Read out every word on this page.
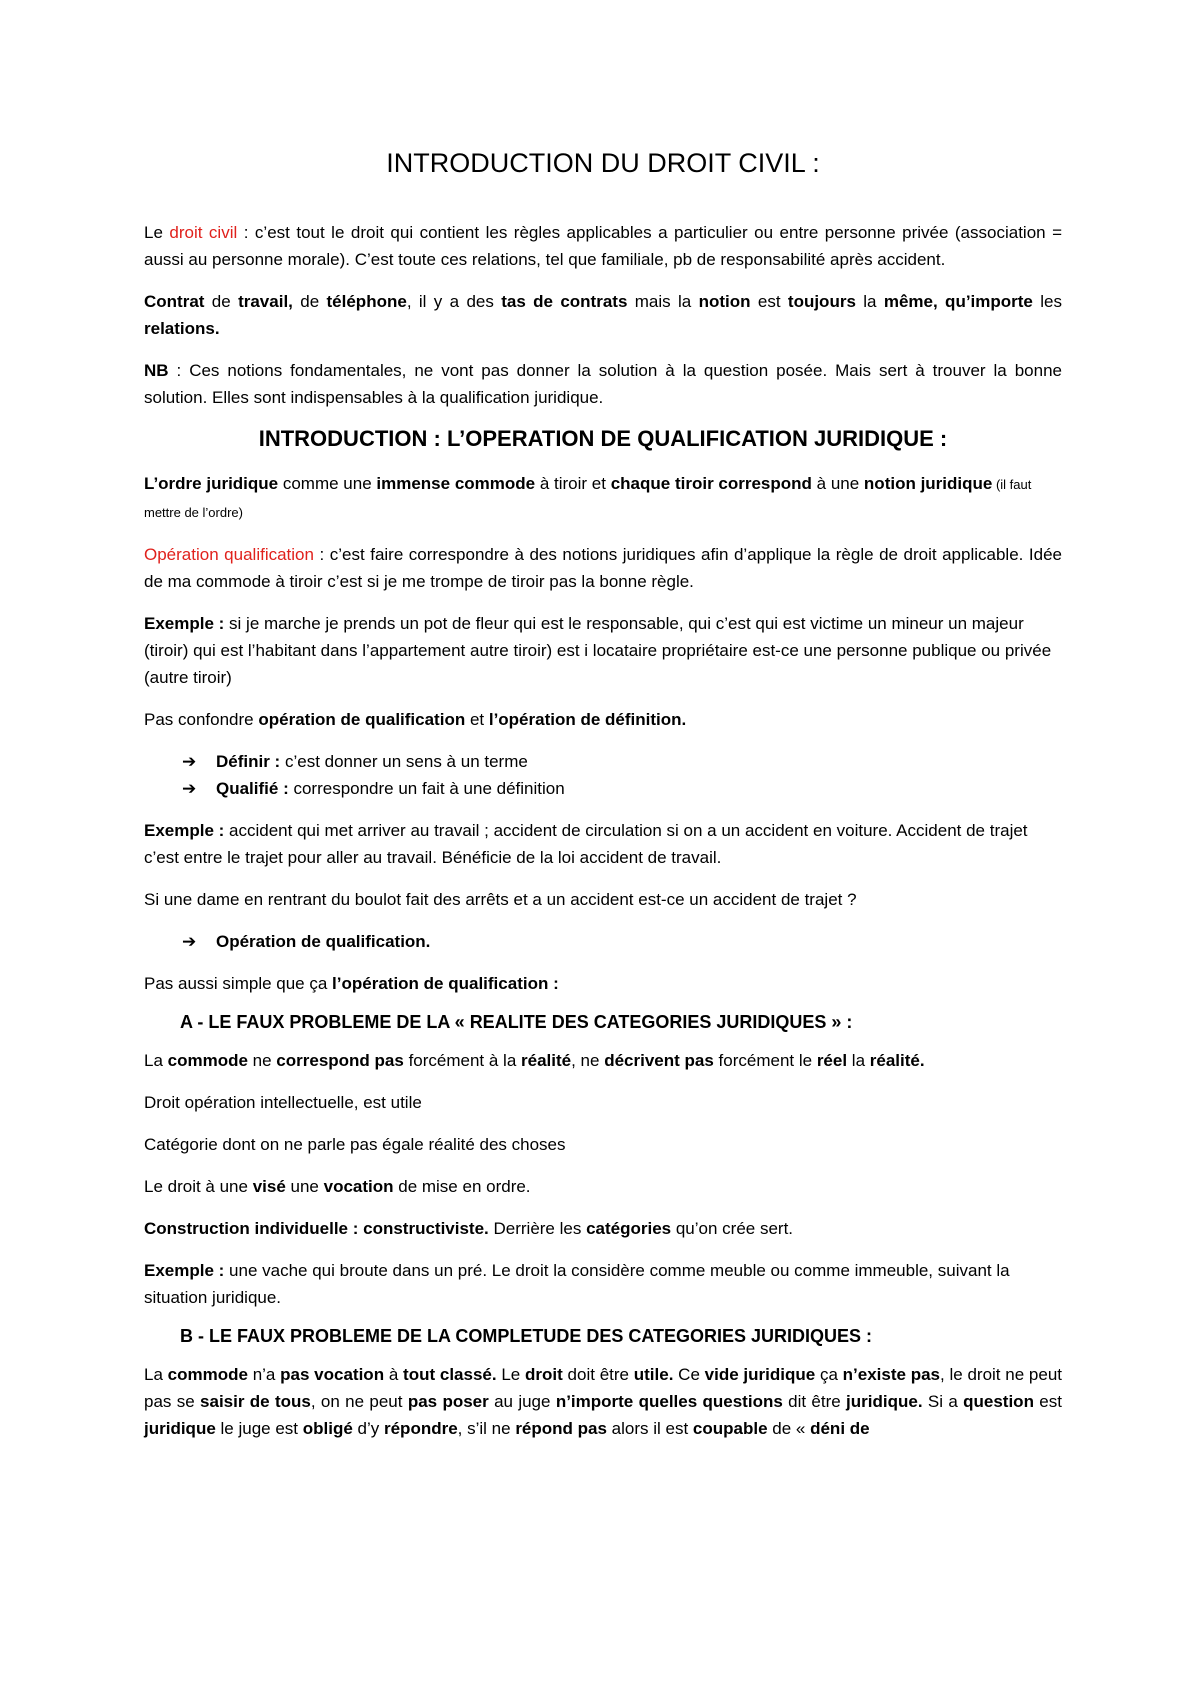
INTRODUCTION DU DROIT CIVIL :

Le droit civil : c’est tout le droit qui contient les règles applicables a particulier ou entre personne privée (association = aussi au personne morale). C’est toute ces relations, tel que familiale, pb de responsabilité après accident.

Contrat de travail, de téléphone, il y a des tas de contrats mais la notion est toujours la même, qu’importe les relations.

NB : Ces notions fondamentales, ne vont pas donner la solution à la question posée. Mais sert à trouver la bonne solution. Elles sont indispensables à la qualification juridique.

INTRODUCTION : L’OPERATION DE QUALIFICATION JURIDIQUE :

L’ordre juridique comme une immense commode à tiroir et chaque tiroir correspond à une notion juridique (il faut mettre de l’ordre)

Opération qualification : c’est faire correspondre à des notions juridiques afin d’applique la règle de droit applicable. Idée de ma commode à tiroir c’est si je me trompe de tiroir pas la bonne règle.

Exemple : si je marche je prends un pot de fleur qui est le responsable, qui c’est qui est victime un mineur un majeur (tiroir) qui est l’habitant dans l’appartement autre tiroir) est i locataire propriétaire est-ce une personne publique ou privée (autre tiroir)

Pas confondre opération de qualification et l’opération de définition.

➔ Définir : c’est donner un sens à un terme
➔ Qualifié : correspondre un fait à une définition

Exemple : accident qui met arriver au travail ; accident de circulation si on a un accident en voiture. Accident de trajet c’est entre le trajet pour aller au travail. Bénéficie de la loi accident de travail.

Si une dame en rentrant du boulot fait des arrêts et a un accident est-ce un accident de trajet ?

➔ Opération de qualification.

Pas aussi simple que ça l’opération de qualification :

A - LE FAUX PROBLEME DE LA « REALITE DES CATEGORIES JURIDIQUES » :

La commode ne correspond pas forcément à la réalité, ne décrivent pas forcément le réel la réalité.

Droit opération intellectuelle, est utile

Catégorie dont on ne parle pas égale réalité des choses

Le droit à une visé une vocation de mise en ordre.

Construction individuelle : constructiviste. Derrière les catégories qu’on crée sert.

Exemple : une vache qui broute dans un pré. Le droit la considère comme meuble ou comme immeuble, suivant la situation juridique.

B - LE FAUX PROBLEME DE LA COMPLETUDE DES CATEGORIES JURIDIQUES :

La commode n’a pas vocation à tout classé. Le droit doit être utile. Ce vide juridique ça n’existe pas, le droit ne peut pas se saisir de tous, on ne peut pas poser au juge n’importe quelles questions dit être juridique. Si a question est juridique le juge est obligé d’y répondre, s’il ne répond pas alors il est coupable de « déni de
